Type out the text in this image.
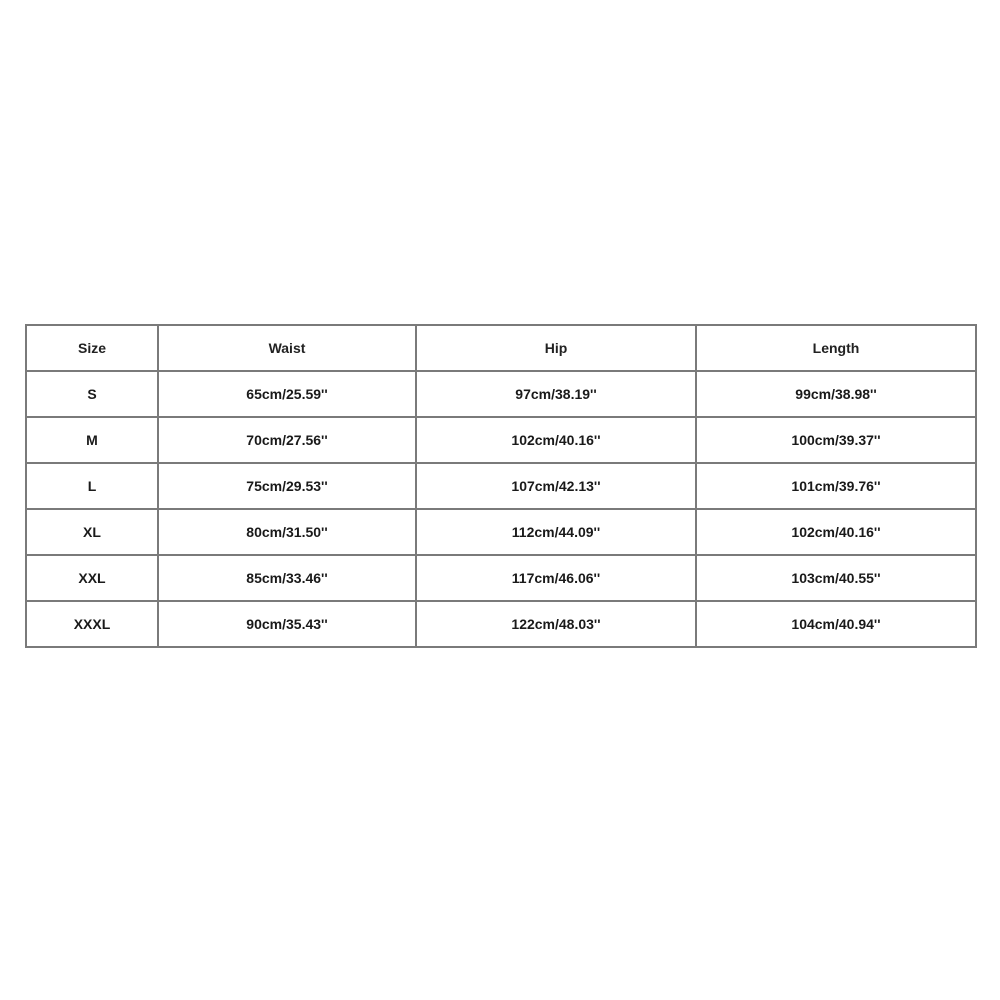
Size	Waist	Hip	Length
S	65cm/25.59''	97cm/38.19''	99cm/38.98''
M	70cm/27.56''	102cm/40.16''	100cm/39.37''
L	75cm/29.53''	107cm/42.13''	101cm/39.76''
XL	80cm/31.50''	112cm/44.09''	102cm/40.16''
XXL	85cm/33.46''	117cm/46.06''	103cm/40.55''
XXXL	90cm/35.43''	122cm/48.03''	104cm/40.94''
